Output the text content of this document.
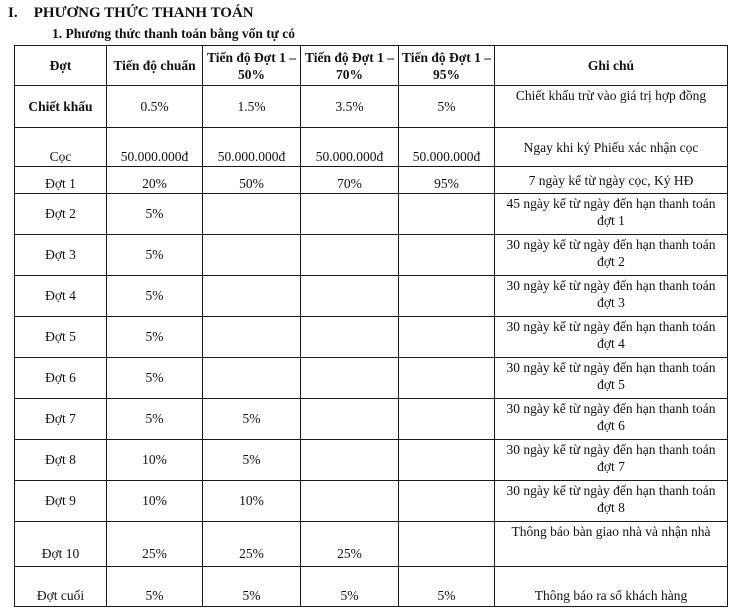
I. PHƯƠNG THỨC THANH TOÁN
1. Phương thức thanh toán bằng vốn tự có
Đợt	Tiến độ chuẩn	Tiến độ Đợt 1 – 50%	Tiến độ Đợt 1 – 70%	Tiến độ Đợt 1 – 95%	Ghi chú
Chiết khấu	0.5%	1.5%	3.5%	5%	Chiết khấu trừ vào giá trị hợp đồng
Cọc	50.000.000đ	50.000.000đ	50.000.000đ	50.000.000đ	Ngay khi ký Phiếu xác nhận cọc
Đợt 1	20%	50%	70%	95%	7 ngày kể từ ngày cọc, Ký HĐ
Đợt 2	5%				45 ngày kể từ ngày đến hạn thanh toán đợt 1
Đợt 3	5%				30 ngày kể từ ngày đến hạn thanh toán đợt 2
Đợt 4	5%				30 ngày kể từ ngày đến hạn thanh toán đợt 3
Đợt 5	5%				30 ngày kể từ ngày đến hạn thanh toán đợt 4
Đợt 6	5%				30 ngày kể từ ngày đến hạn thanh toán đợt 5
Đợt 7	5%	5%			30 ngày kể từ ngày đến hạn thanh toán đợt 6
Đợt 8	10%	5%			30 ngày kể từ ngày đến hạn thanh toán đợt 7
Đợt 9	10%	10%			30 ngày kể từ ngày đến hạn thanh toán đợt 8
Đợt 10	25%	25%	25%		Thông báo bàn giao nhà và nhận nhà
Đợt cuối	5%	5%	5%	5%	Thông báo ra sổ khách hàng
